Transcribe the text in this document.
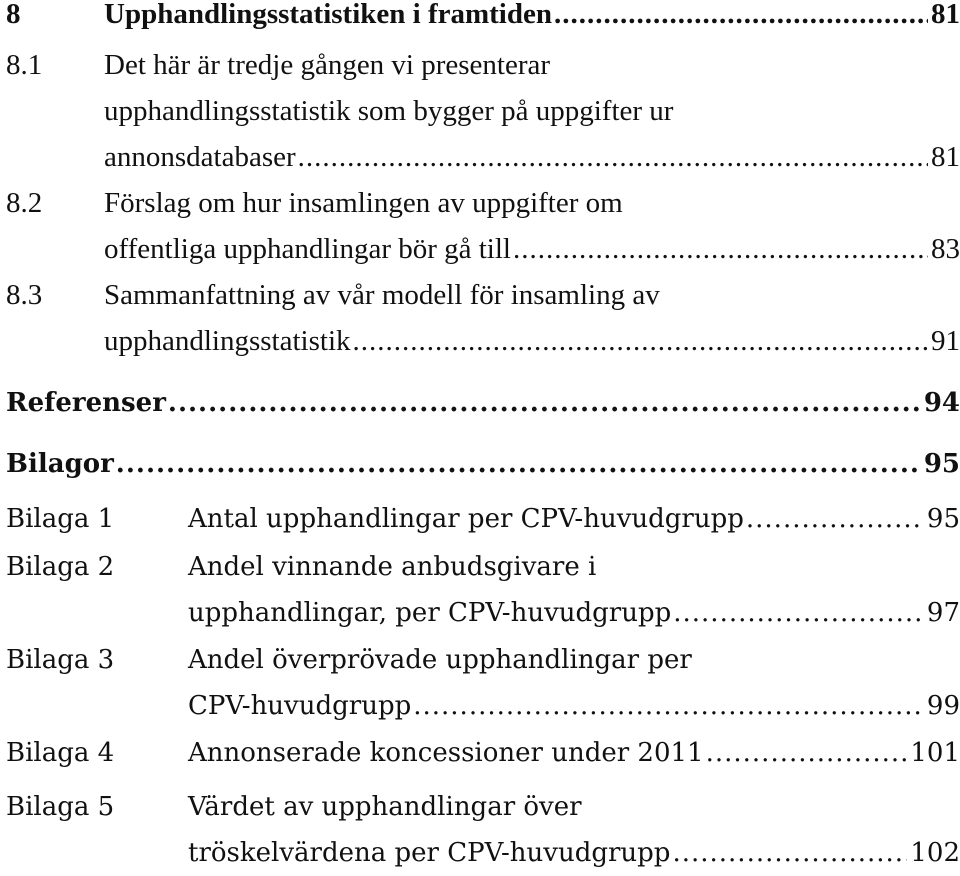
8	Upphandlingsstatistiken i framtiden .....	81
8.1 Det här är tredje gången vi presenterar
upphandlingsstatistik som bygger på uppgifter ur
annonsdatabaser .....	81
8.2 Förslag om hur insamlingen av uppgifter om
offentliga upphandlingar bör gå till .....	83
8.3 Sammanfattning av vår modell för insamling av
upphandlingsstatistik .....	91
Referenser .....	94
Bilagor .....	95
Bilaga 1	Antal upphandlingar per CPV-huvudgrupp .....	95
Bilaga 2	Andel vinnande anbudsgivare i
upphandlingar, per CPV-huvudgrupp .....	97
Bilaga 3	Andel överprövade upphandlingar per
CPV-huvudgrupp .....	99
Bilaga 4	Annonserade koncessioner under 2011 .....	101
Bilaga 5	Värdet av upphandlingar över
tröskelvärdena per CPV-huvudgrupp .....	102
